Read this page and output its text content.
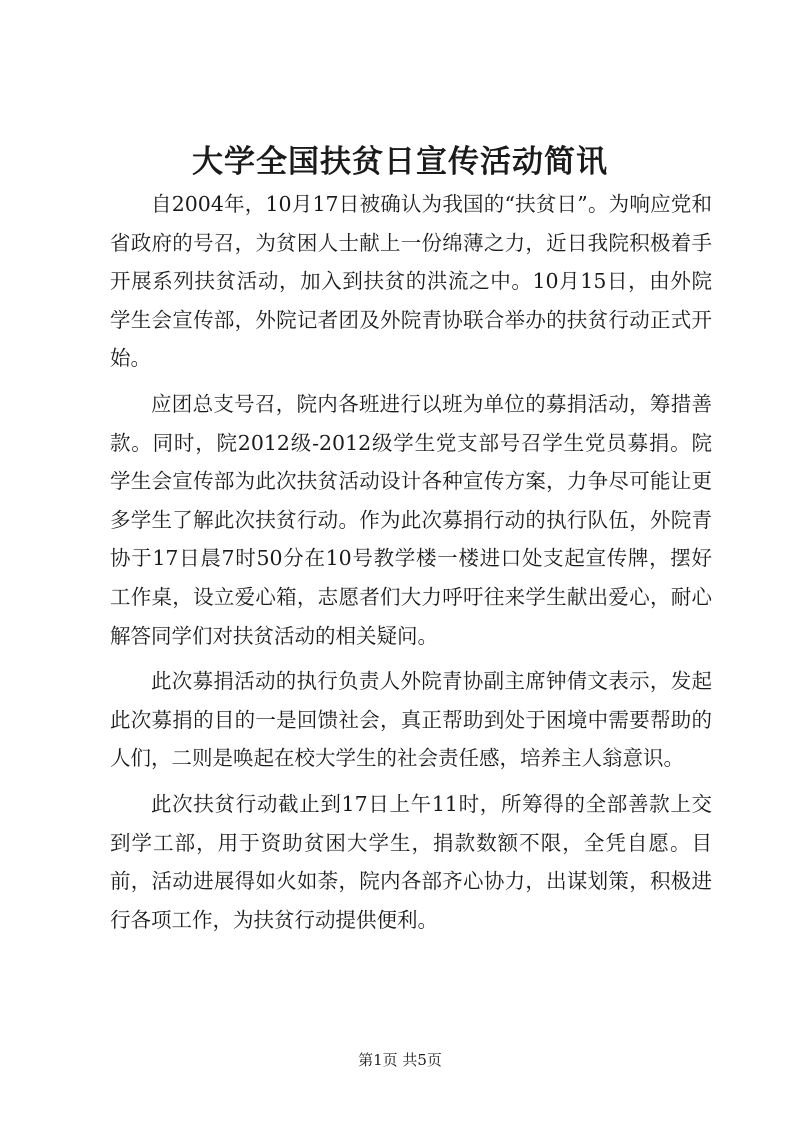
大学全国扶贫日宣传活动简讯

自2004年，10月17日被确认为我国的“扶贫日”。为响应党和省政府的号召，为贫困人士献上一份绵薄之力，近日我院积极着手开展系列扶贫活动，加入到扶贫的洪流之中。10月15日，由外院学生会宣传部，外院记者团及外院青协联合举办的扶贫行动正式开始。

应团总支号召，院内各班进行以班为单位的募捐活动，筹措善款。同时，院2012级-2012级学生党支部号召学生党员募捐。院学生会宣传部为此次扶贫活动设计各种宣传方案，力争尽可能让更多学生了解此次扶贫行动。作为此次募捐行动的执行队伍，外院青协于17日晨7时50分在10号教学楼一楼进口处支起宣传牌，摆好工作桌，设立爱心箱，志愿者们大力呼吁往来学生献出爱心，耐心解答同学们对扶贫活动的相关疑问。

此次募捐活动的执行负责人外院青协副主席钟倩文表示，发起此次募捐的目的一是回馈社会，真正帮助到处于困境中需要帮助的人们，二则是唤起在校大学生的社会责任感，培养主人翁意识。

此次扶贫行动截止到17日上午11时，所筹得的全部善款上交到学工部，用于资助贫困大学生，捐款数额不限，全凭自愿。目前，活动进展得如火如荼，院内各部齐心协力，出谋划策，积极进行各项工作，为扶贫行动提供便利。

第1页 共5页
